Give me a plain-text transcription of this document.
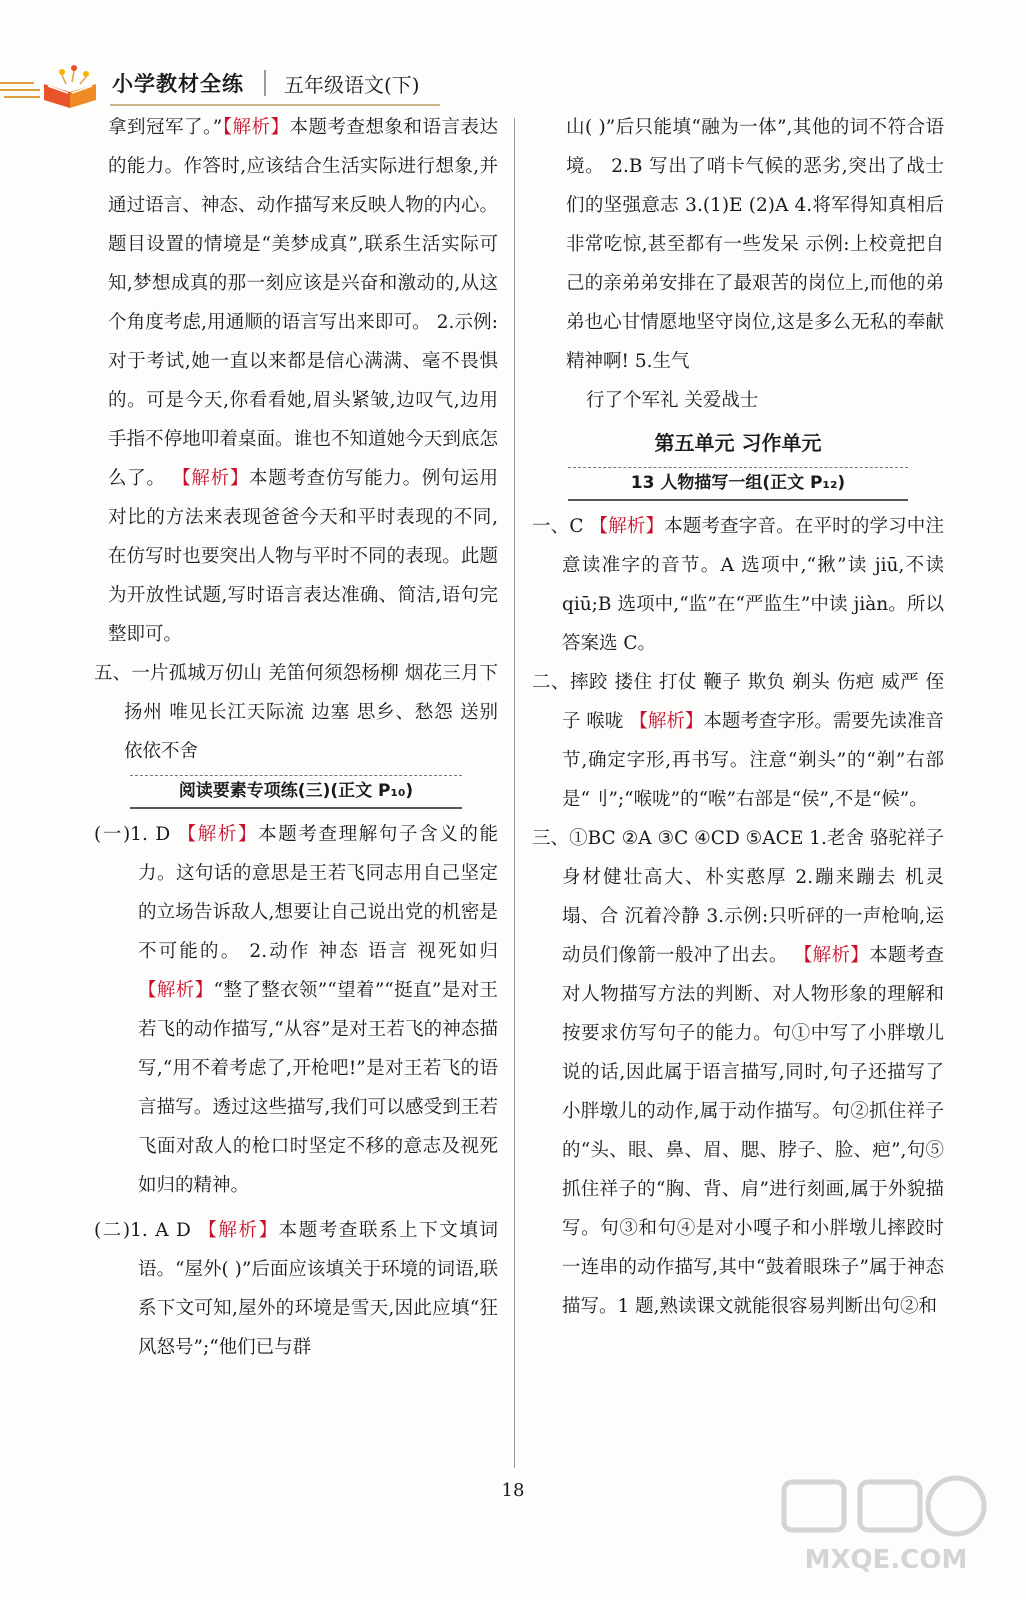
小学教材全练 五年级语文(下)

拿到冠军了。”【解析】本题考查想象和语言表达的能力。作答时,应该结合生活实际进行想象,并通过语言、神态、动作描写来反映人物的内心。题目设置的情境是“美梦成真”,联系生活实际可知,梦想成真的那一刻应该是兴奋和激动的,从这个角度考虑,用通顺的语言写出来即可。 2.示例:对于考试,她一直以来都是信心满满、毫不畏惧的。可是今天,你看看她,眉头紧皱,边叹气,边用手指不停地叩着桌面。谁也不知道她今天到底怎么了。 【解析】本题考查仿写能力。例句运用对比的方法来表现爸爸今天和平时表现的不同,在仿写时也要突出人物与平时不同的表现。此题为开放性试题,写时语言表达准确、简洁,语句完整即可。

五、一片孤城万仞山 羌笛何须怨杨柳 烟花三月下扬州 唯见长江天际流 边塞 思乡、愁怨 送别 依依不舍

阅读要素专项练(三)(正文 P₁₀)

(一)1. D 【解析】本题考查理解句子含义的能力。这句话的意思是王若飞同志用自己坚定的立场告诉敌人,想要让自己说出党的机密是不可能的。 2.动作 神态 语言 视死如归 【解析】“整了整衣领”“望着”“挺直”是对王若飞的动作描写,“从容”是对王若飞的神态描写,“用不着考虑了,开枪吧!”是对王若飞的语言描写。透过这些描写,我们可以感受到王若飞面对敌人的枪口时坚定不移的意志及视死如归的精神。

(二)1. A D 【解析】本题考查联系上下文填词语。“屋外( )”后面应该填关于环境的词语,联系下文可知,屋外的环境是雪天,因此应填“狂风怒号”;“他们已与群

山( )”后只能填“融为一体”,其他的词不符合语境。 2.B 写出了哨卡气候的恶劣,突出了战士们的坚强意志 3.(1)E (2)A 4.将军得知真相后非常吃惊,甚至都有一些发呆 示例:上校竟把自己的亲弟弟安排在了最艰苦的岗位上,而他的弟弟也心甘情愿地坚守岗位,这是多么无私的奉献精神啊! 5.生气

行了个军礼 关爱战士

第五单元 习作单元
13 人物描写一组(正文 P₁₂)

一、C 【解析】本题考查字音。在平时的学习中注意读准字的音节。A 选项中,“揪”读 jiū,不读 qiū;B 选项中,“监”在“严监生”中读 jiàn。所以答案选 C。

二、摔跤 搂住 打仗 鞭子 欺负 剃头 伤疤 威严 侄子 喉咙 【解析】本题考查字形。需要先读准音节,确定字形,再书写。注意“剃头”的“剃”右部是“刂”;“喉咙”的“喉”右部是“侯”,不是“候”。

三、①BC ②A ③C ④CD ⑤ACE 1.老舍 骆驼祥子 身材健壮高大、朴实憨厚 2.蹦来蹦去 机灵 塌、合 沉着冷静 3.示例:只听砰的一声枪响,运动员们像箭一般冲了出去。 【解析】本题考查对人物描写方法的判断、对人物形象的理解和按要求仿写句子的能力。句①中写了小胖墩儿说的话,因此属于语言描写,同时,句子还描写了小胖墩儿的动作,属于动作描写。句②抓住祥子的“头、眼、鼻、眉、腮、脖子、脸、疤”,句⑤抓住祥子的“胸、背、肩”进行刻画,属于外貌描写。句③和句④是对小嘎子和小胖墩儿摔跤时一连串的动作描写,其中“鼓着眼珠子”属于神态描写。1 题,熟读课文就能很容易判断出句②和

18
MXQE.COM
